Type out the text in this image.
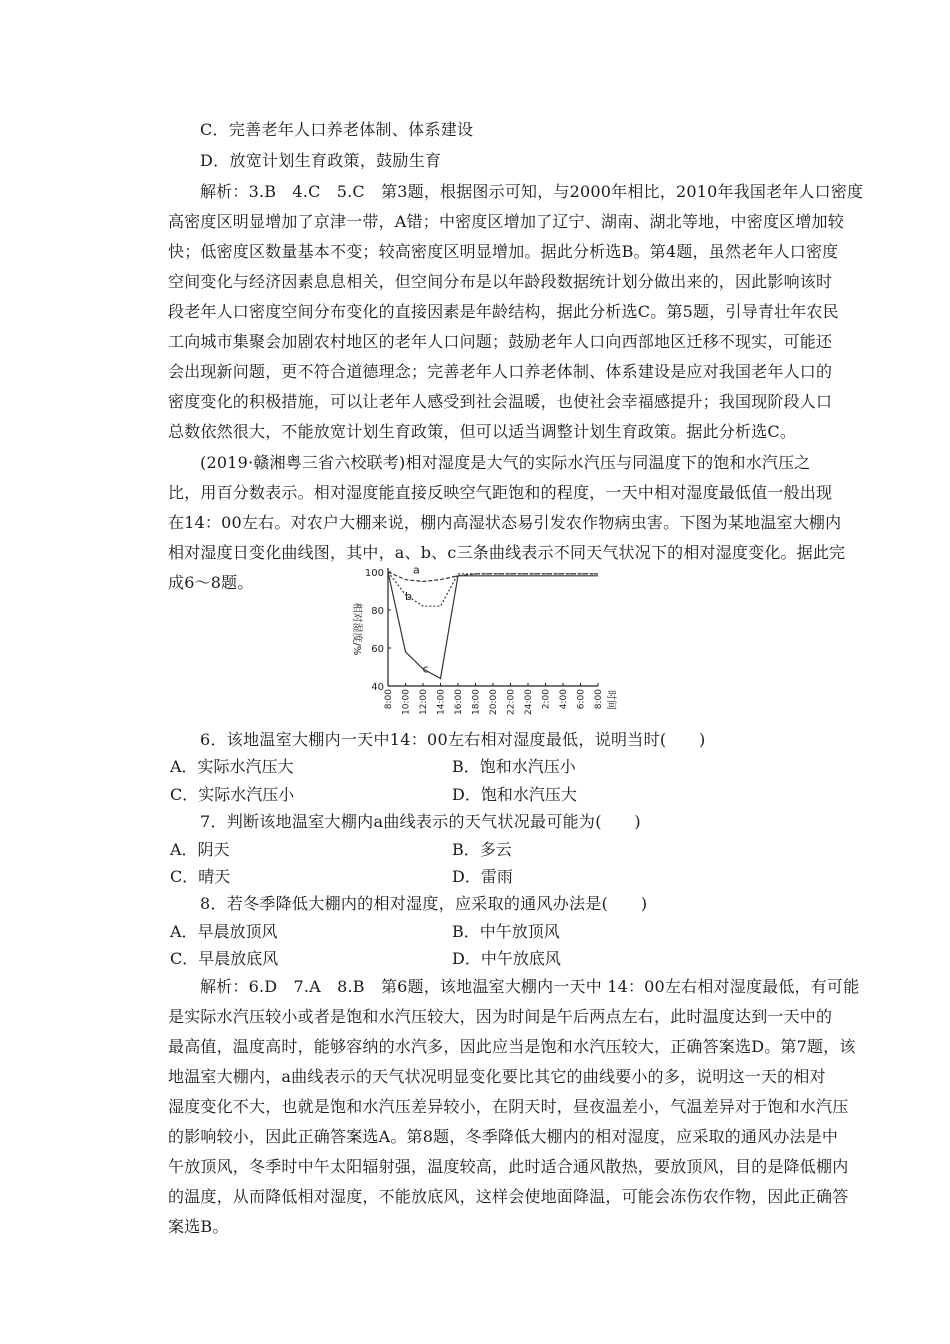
C．完善老年人口养老体制、体系建设
D．放宽计划生育政策，鼓励生育
解析：3.B　4.C　5.C　第3题，根据图示可知，与2000年相比，2010年我国老年人口密度
高密度区明显增加了京津一带，A错；中密度区增加了辽宁、湖南、湖北等地，中密度区增加较
快；低密度区数量基本不变；较高密度区明显增加。据此分析选B。第4题，虽然老年人口密度
空间变化与经济因素息息相关，但空间分布是以年龄段数据统计划分做出来的，因此影响该时
段老年人口密度空间分布变化的直接因素是年龄结构，据此分析选C。第5题，引导青壮年农民
工向城市集聚会加剧农村地区的老年人口问题；鼓励老年人口向西部地区迁移不现实，可能还
会出现新问题，更不符合道德理念；完善老年人口养老体制、体系建设是应对我国老年人口的
密度变化的积极措施，可以让老年人感受到社会温暖，也使社会幸福感提升；我国现阶段人口
总数依然很大，不能放宽计划生育政策，但可以适当调整计划生育政策。据此分析选C。
(2019·赣湘粤三省六校联考)相对湿度是大气的实际水汽压与同温度下的饱和水汽压之
比，用百分数表示。相对湿度能直接反映空气距饱和的程度，一天中相对湿度最低值一般出现
在14：00左右。对农户大棚来说，棚内高湿状态易引发农作物病虫害。下图为某地温室大棚内
相对湿度日变化曲线图，其中，a、b、c三条曲线表示不同天气状况下的相对湿度变化。据此完
成6～8题。	100
80
60
40
8:00 10:00 12:00 14:00 16:00 18:00 20:00 22:00 24:00 2:00 4:00 6:00 8:00
a
b
c
相对湿度/%
时间
6．该地温室大棚内一天中14：00左右相对湿度最低，说明当时(　　)
A．实际水汽压大	B．饱和水汽压小
C．实际水汽压小	D．饱和水汽压大
7．判断该地温室大棚内a曲线表示的天气状况最可能为(　　)
A．阴天	B．多云
C．晴天	D．雷雨
8．若冬季降低大棚内的相对湿度，应采取的通风办法是(　　)
A．早晨放顶风	B．中午放顶风
C．早晨放底风	D．中午放底风
解析：6.D　7.A　8.B　第6题，该地温室大棚内一天中 14：00左右相对湿度最低，有可能
是实际水汽压较小或者是饱和水汽压较大，因为时间是午后两点左右，此时温度达到一天中的
最高值，温度高时，能够容纳的水汽多，因此应当是饱和水汽压较大，正确答案选D。第7题，该
地温室大棚内，a曲线表示的天气状况明显变化要比其它的曲线要小的多，说明这一天的相对
湿度变化不大，也就是饱和水汽压差异较小，在阴天时，昼夜温差小，气温差异对于饱和水汽压
的影响较小，因此正确答案选A。第8题，冬季降低大棚内的相对湿度，应采取的通风办法是中
午放顶风，冬季时中午太阳辐射强，温度较高，此时适合通风散热，要放顶风，目的是降低棚内
的温度，从而降低相对湿度，不能放底风，这样会使地面降温，可能会冻伤农作物，因此正确答
案选B。
